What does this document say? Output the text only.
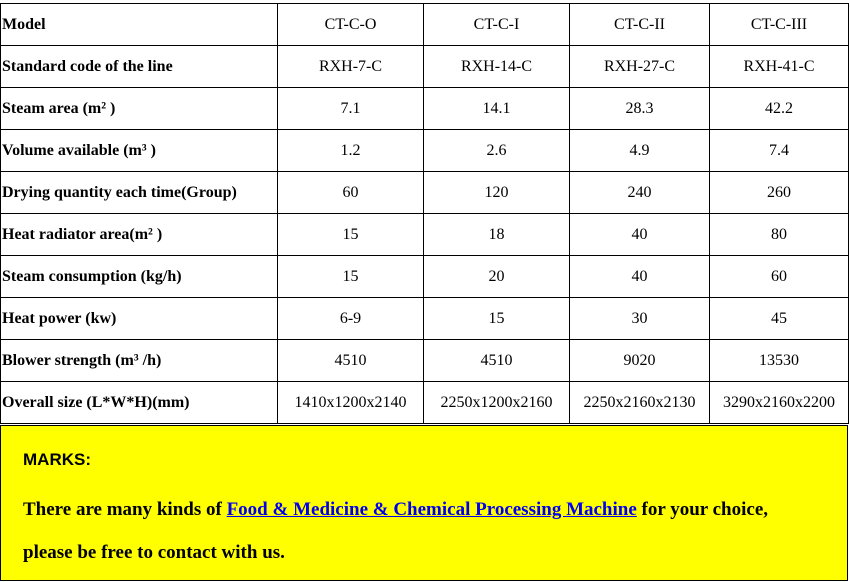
Model	CT-C-O	CT-C-I	CT-C-II	CT-C-III
Standard code of the line	RXH-7-C	RXH-14-C	RXH-27-C	RXH-41-C
Steam area (m² )	7.1	14.1	28.3	42.2
Volume available (m³ )	1.2	2.6	4.9	7.4
Drying quantity each time(Group)	60	120	240	260
Heat radiator area(m² )	15	18	40	80
Steam consumption (kg/h)	15	20	40	60
Heat power (kw)	6-9	15	30	45
Blower strength (m³ /h)	4510	4510	9020	13530
Overall size (L*W*H)(mm)	1410x1200x2140	2250x1200x2160	2250x2160x2130	3290x2160x2200
MARKS:
There are many kinds of Food & Medicine & Chemical Processing Machine for your choice,
please be free to contact with us.
